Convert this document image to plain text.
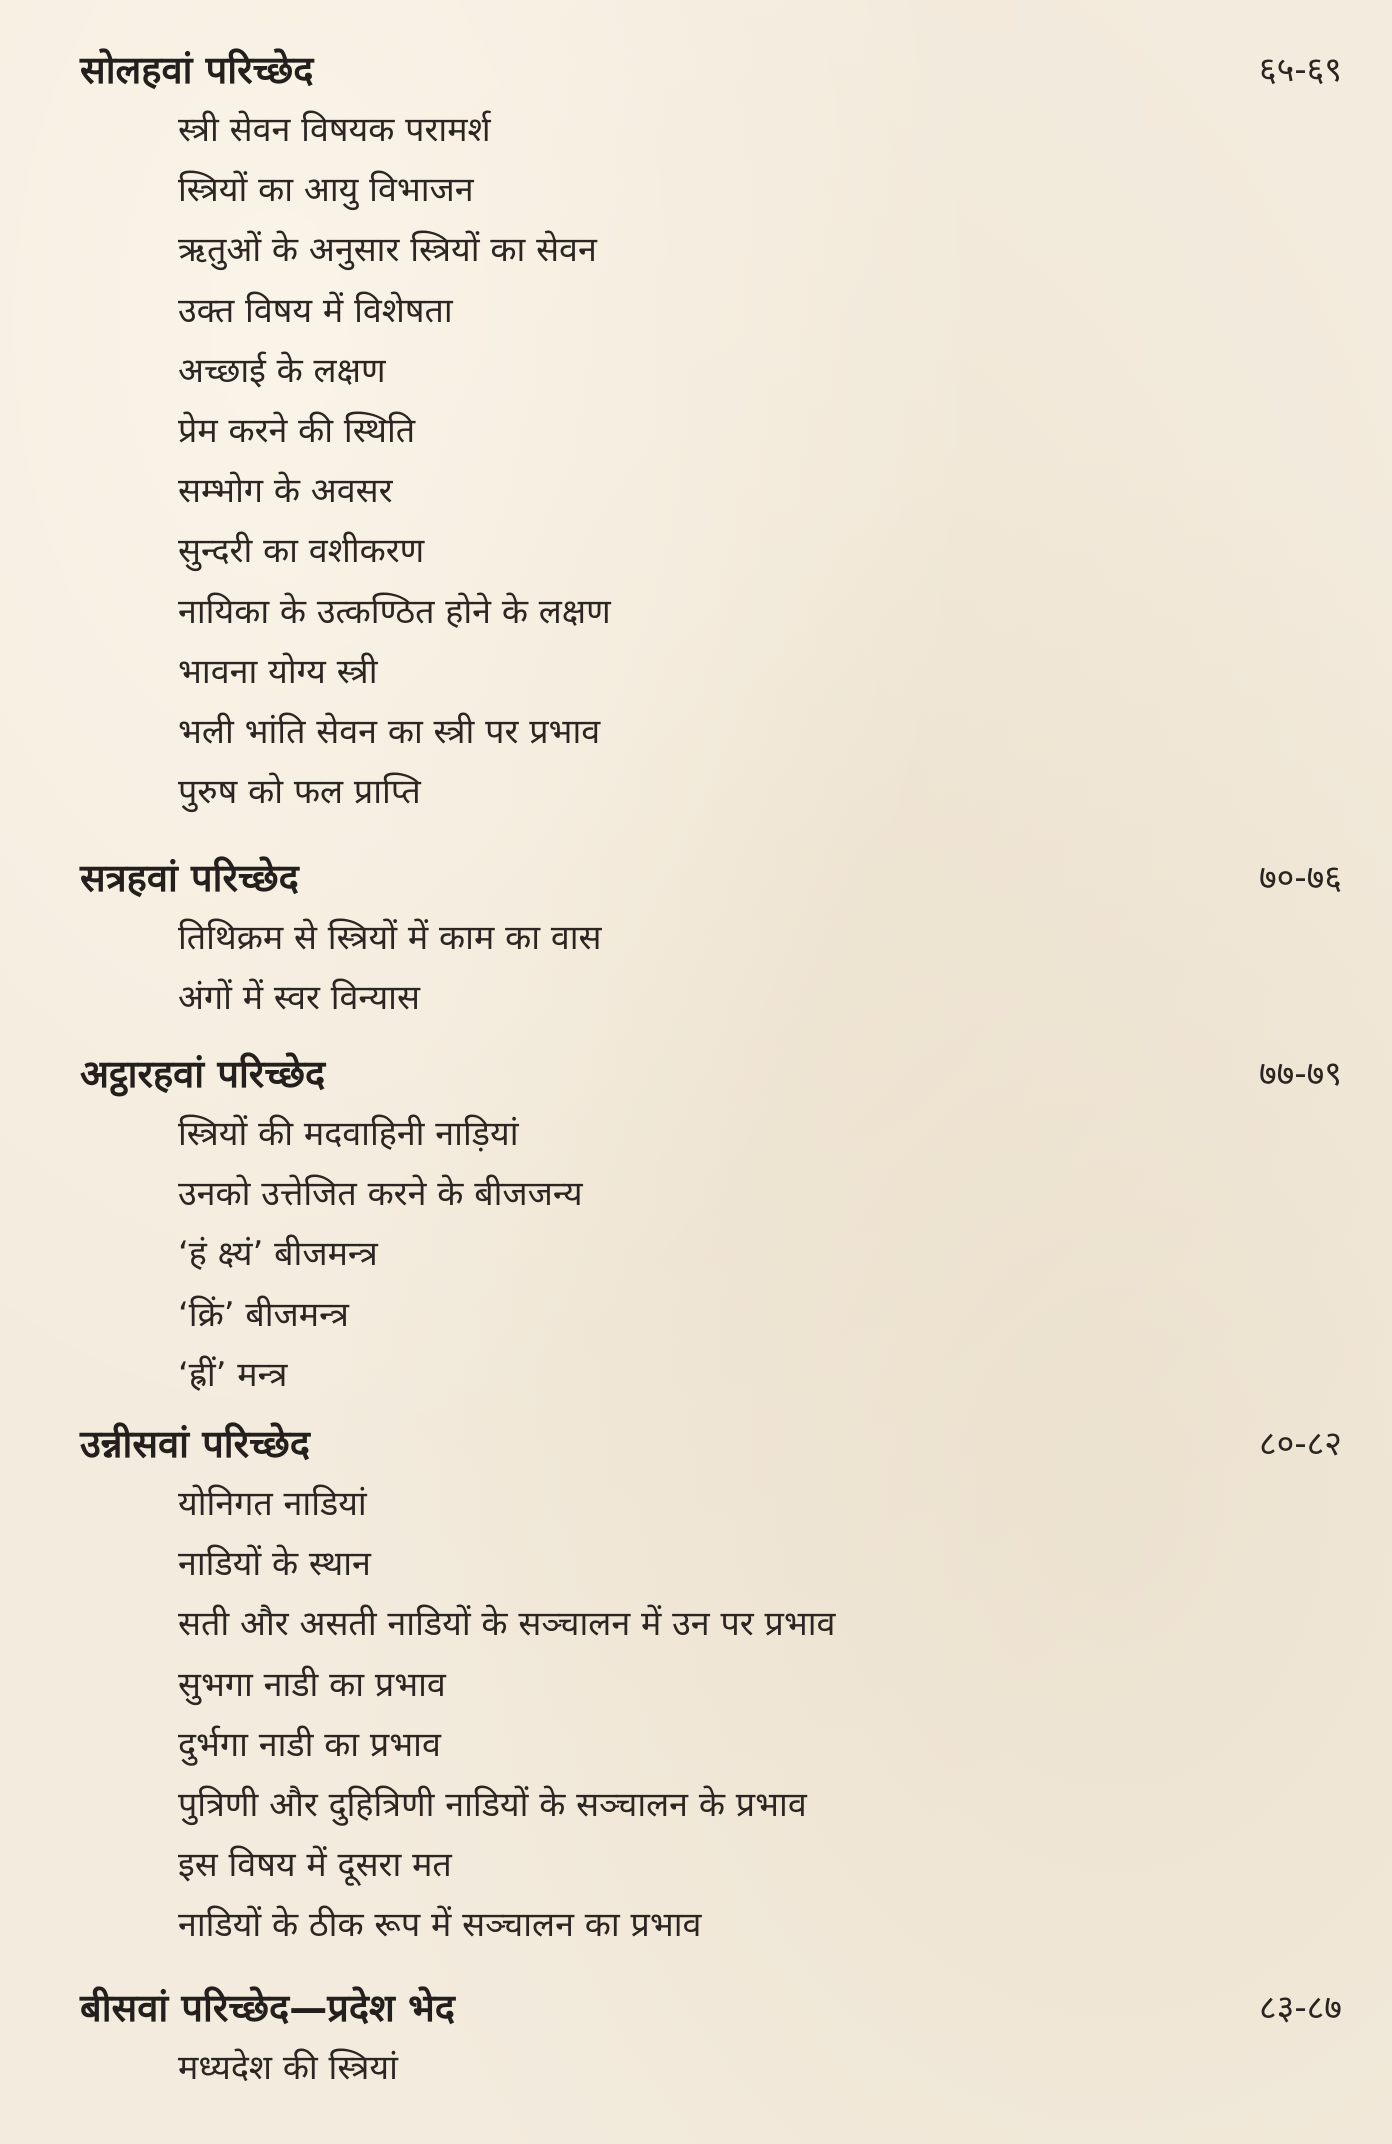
सोलहवां परिच्छेद	६५-६९
स्त्री सेवन विषयक परामर्श
स्त्रियों का आयु विभाजन
ऋतुओं के अनुसार स्त्रियों का सेवन
उक्त विषय में विशेषता
अच्छाई के लक्षण
प्रेम करने की स्थिति
सम्भोग के अवसर
सुन्दरी का वशीकरण
नायिका के उत्कण्ठित होने के लक्षण
भावना योग्य स्त्री
भली भांति सेवन का स्त्री पर प्रभाव
पुरुष को फल प्राप्ति
सत्रहवां परिच्छेद	७०-७६
तिथिक्रम से स्त्रियों में काम का वास
अंगों में स्वर विन्यास
अट्ठारहवां परिच्छेद	७७-७९
स्त्रियों की मदवाहिनी नाड़ियां
उनको उत्तेजित करने के बीजजन्य
‘हं क्ष्यं’ बीजमन्त्र
‘क्रिं’ बीजमन्त्र
‘ह्रीं’ मन्त्र
उन्नीसवां परिच्छेद	८०-८२
योनिगत नाडियां
नाडियों के स्थान
सती और असती नाडियों के सञ्चालन में उन पर प्रभाव
सुभगा नाडी का प्रभाव
दुर्भगा नाडी का प्रभाव
पुत्रिणी और दुहित्रिणी नाडियों के सञ्चालन के प्रभाव
इस विषय में दूसरा मत
नाडियों के ठीक रूप में सञ्चालन का प्रभाव
बीसवां परिच्छेद—प्रदेश भेद	८३-८७
मध्यदेश की स्त्रियां
